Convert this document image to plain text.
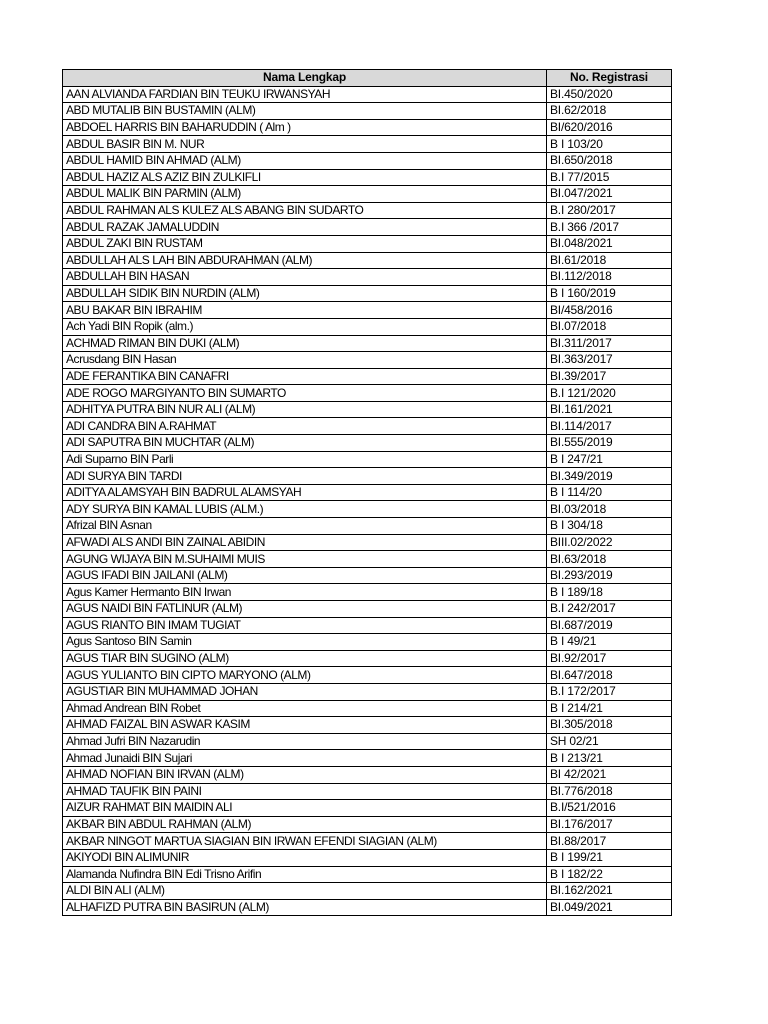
Nama Lengkap	No. Registrasi
AAN ALVIANDA FARDIAN BIN TEUKU IRWANSYAH	BI.450/2020
ABD MUTALIB BIN BUSTAMIN (ALM)	BI.62/2018
ABDOEL HARRIS BIN BAHARUDDIN ( Alm )	BI/620/2016
ABDUL BASIR BIN M. NUR	B I 103/20
ABDUL HAMID BIN AHMAD (ALM)	BI.650/2018
ABDUL HAZIZ ALS AZIZ BIN ZULKIFLI	B.I 77/2015
ABDUL MALIK BIN PARMIN (ALM)	BI.047/2021
ABDUL RAHMAN ALS KULEZ ALS ABANG BIN SUDARTO	B.I 280/2017
ABDUL RAZAK JAMALUDDIN	B.I 366 /2017
ABDUL ZAKI BIN RUSTAM	BI.048/2021
ABDULLAH ALS LAH BIN ABDURAHMAN (ALM)	BI.61/2018
ABDULLAH BIN HASAN	BI.112/2018
ABDULLAH SIDIK BIN NURDIN (ALM)	B I 160/2019
ABU BAKAR BIN IBRAHIM	BI/458/2016
Ach Yadi BIN Ropik (alm.)	BI.07/2018
ACHMAD RIMAN BIN DUKI (ALM)	BI.311/2017
Acrusdang BIN Hasan	BI.363/2017
ADE FERANTIKA BIN CANAFRI	BI.39/2017
ADE ROGO MARGIYANTO BIN SUMARTO	B.I 121/2020
ADHITYA PUTRA BIN NUR ALI (ALM)	BI.161/2021
ADI CANDRA BIN A.RAHMAT	BI.114/2017
ADI SAPUTRA BIN MUCHTAR (ALM)	BI.555/2019
Adi Suparno BIN Parli	B I 247/21
ADI SURYA BIN TARDI	BI.349/2019
ADITYA ALAMSYAH BIN BADRUL ALAMSYAH	B I 114/20
ADY SURYA BIN KAMAL LUBIS (ALM.)	BI.03/2018
Afrizal BIN Asnan	B I 304/18
AFWADI ALS ANDI BIN ZAINAL ABIDIN	BIII.02/2022
AGUNG WIJAYA BIN M.SUHAIMI MUIS	BI.63/2018
AGUS IFADI BIN JAILANI (ALM)	BI.293/2019
Agus Kamer Hermanto BIN Irwan	B I 189/18
AGUS NAIDI BIN FATLINUR (ALM)	B.I 242/2017
AGUS RIANTO BIN IMAM TUGIAT	BI.687/2019
Agus Santoso BIN Samin	B I 49/21
AGUS TIAR BIN SUGINO (ALM)	BI.92/2017
AGUS YULIANTO BIN CIPTO MARYONO (ALM)	BI.647/2018
AGUSTIAR BIN MUHAMMAD JOHAN	B.I 172/2017
Ahmad Andrean BIN Robet	B I 214/21
AHMAD FAIZAL BIN ASWAR KASIM	BI.305/2018
Ahmad Jufri BIN Nazarudin	SH 02/21
Ahmad Junaidi BIN Sujari	B I 213/21
AHMAD NOFIAN BIN IRVAN (ALM)	BI 42/2021
AHMAD TAUFIK BIN PAINI	BI.776/2018
AIZUR RAHMAT BIN MAIDIN ALI	B.I/521/2016
AKBAR BIN ABDUL RAHMAN (ALM)	BI.176/2017
AKBAR NINGOT MARTUA SIAGIAN BIN IRWAN EFENDI SIAGIAN (ALM)	BI.88/2017
AKIYODI BIN ALIMUNIR	B I 199/21
Alamanda Nufindra BIN Edi Trisno Arifin	B I 182/22
ALDI BIN ALI (ALM)	BI.162/2021
ALHAFIZD PUTRA BIN BASIRUN (ALM)	BI.049/2021
